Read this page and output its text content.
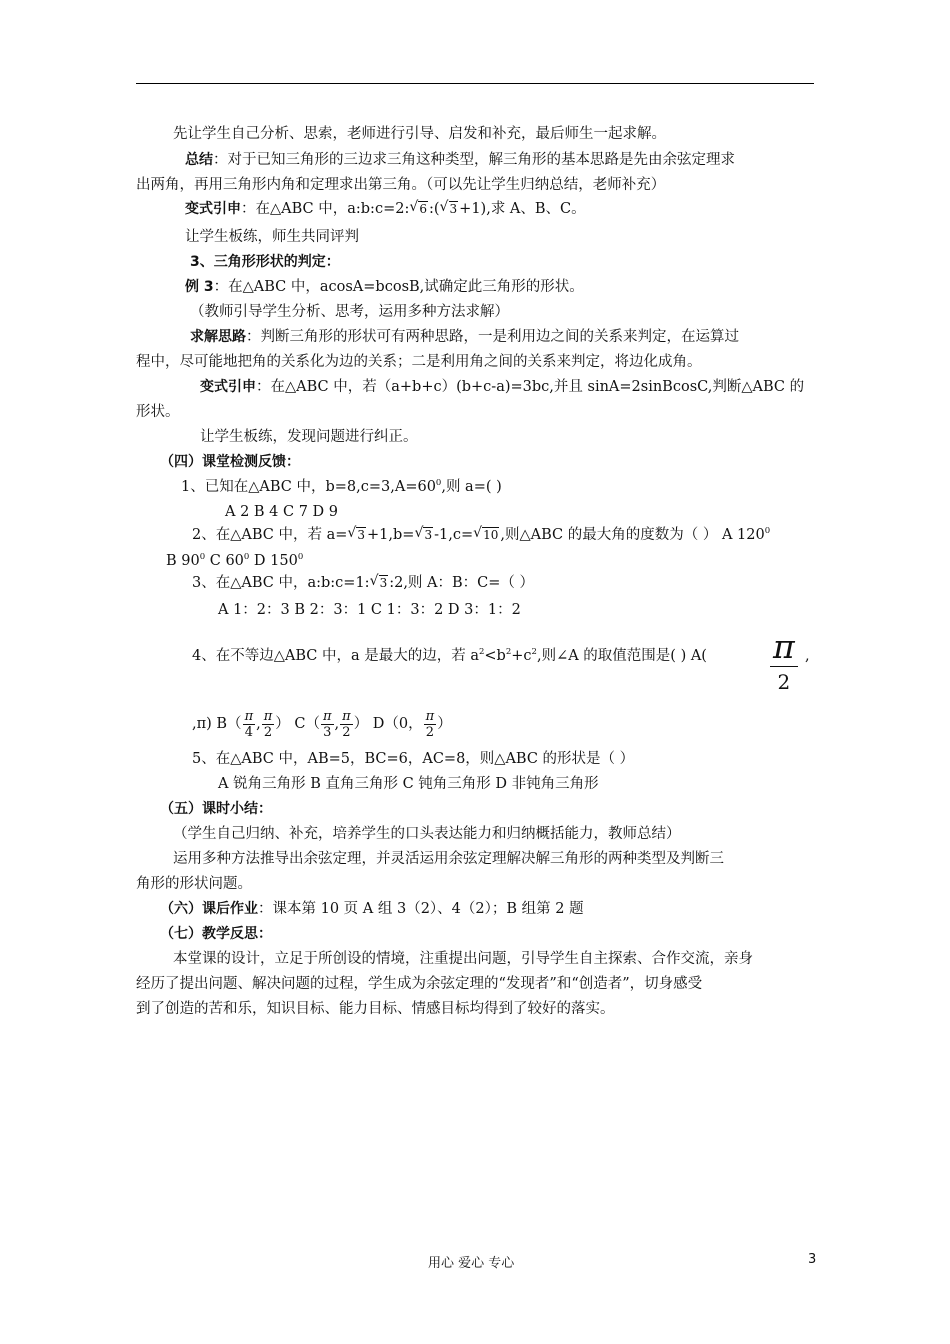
先让学生自己分析、思索，老师进行引导、启发和补充，最后师生一起求解。
总结：对于已知三角形的三边求三角这种类型，解三角形的基本思路是先由余弦定理求
出两角，再用三角形内角和定理求出第三角。（可以先让学生归纳总结，老师补充）
变式引申：在△ABC 中，a:b:c=2: √ 6 :( √ 3 +1),求 A、B、C。
让学生板练，师生共同评判
3、三角形形状的判定：
例 3：在△ABC 中，acosA=bcosB,试确定此三角形的形状。
（教师引导学生分析、思考，运用多种方法求解）
求解思路：判断三角形的形状可有两种思路，一是利用边之间的关系来判定，在运算过
程中，尽可能地把角的关系化为边的关系；二是利用角之间的关系来判定，将边化成角。
变式引申：在△ABC 中，若（a+b+c）(b+c-a)=3bc,并且 sinA=2sinBcosC,判断△ABC 的
形状。
让学生板练，发现问题进行纠正。
（四）课堂检测反馈：
1、已知在△ABC 中，$b=8,c=3,A=60^0$,则 a=( )
A 2 B 4 C 7 D 9
2、在△ABC 中，若 a= √ 3 +1,b= √ 3 -1,c= √ 10 ,则△ABC 的最大角的度数为（ ） A $120^0$
B $90^0$ C $60^0$ D $150^0$
3、在△ABC 中，a:b:c=1: √ 3 :2,则 A：B：C=（ ）
A 1：2：3 B 2：3：1 C 1：3：2 D 3：1：2
4、在不等边△ABC 中，a 是最大的边，若 $a^2<b^2+c^2$,则∠A 的取值范围是( ) A( π
2
,
,π) $B( \frac{\pi}{4}$ , $\frac{\pi}{2}$ ） $C( \frac{\pi}{3}$ , $\frac{\pi}{2}$ ） D（0， $\frac{\pi}{2}$ ）
5、在△ABC 中，AB=5，BC=6，AC=8，则△ABC 的形状是（ ）
A 锐角三角形 B 直角三角形 C 钝角三角形 D 非钝角三角形
（五）课时小结：
（学生自己归纳、补充，培养学生的口头表达能力和归纳概括能力，教师总结）
运用多种方法推导出余弦定理，并灵活运用余弦定理解决解三角形的两种类型及判断三
角形的形状问题。
（六）课后作业：课本第 10 页 A 组 3（2）、4（2）；B 组第 2 题
（七）教学反思：
本堂课的设计，立足于所创设的情境，注重提出问题，引导学生自主探索、合作交流，亲身
经历了提出问题、解决问题的过程，学生成为余弦定理的“发现者”和“创造者”，切身感受
到了创造的苦和乐，知识目标、能力目标、情感目标均得到了较好的落实。
用心 爱心 专心	3
